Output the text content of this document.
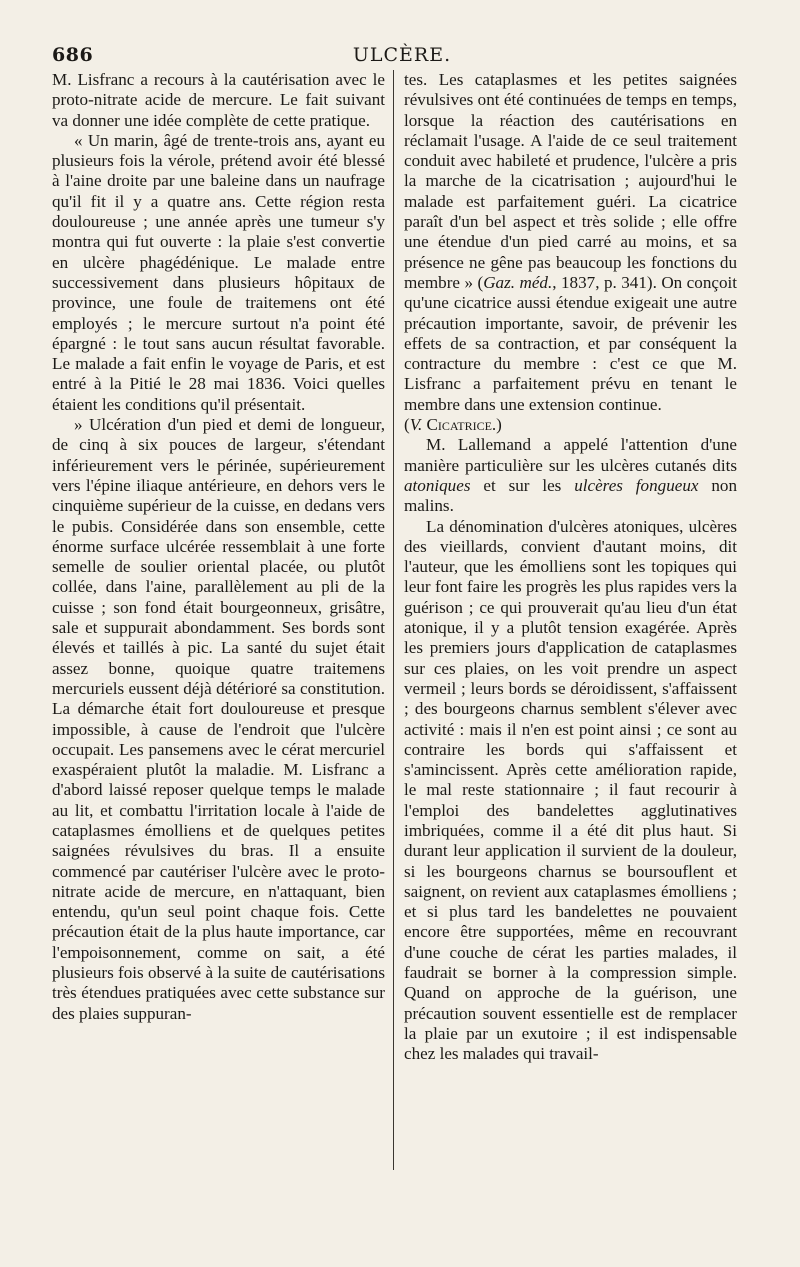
686	ULCÈRE.

M. Lisfranc a recours à la cautérisation avec le proto-nitrate acide de mercure. Le fait suivant va donner une idée complète de cette pratique.

« Un marin, âgé de trente-trois ans, ayant eu plusieurs fois la vérole, prétend avoir été blessé à l'aine droite par une baleine dans un naufrage qu'il fit il y a quatre ans. Cette région resta douloureuse ; une année après une tumeur s'y montra qui fut ouverte : la plaie s'est convertie en ulcère phagédénique. Le malade entre successivement dans plusieurs hôpitaux de province, une foule de traitemens ont été employés ; le mercure surtout n'a point été épargné : le tout sans aucun résultat favorable. Le malade a fait enfin le voyage de Paris, et est entré à la Pitié le 28 mai 1836. Voici quelles étaient les conditions qu'il présentait.

» Ulcération d'un pied et demi de longueur, de cinq à six pouces de largeur, s'étendant inférieurement vers le périnée, supérieurement vers l'épine iliaque antérieure, en dehors vers le cinquième supérieur de la cuisse, en dedans vers le pubis. Considérée dans son ensemble, cette énorme surface ulcérée ressemblait à une forte semelle de soulier oriental placée, ou plutôt collée, dans l'aine, parallèlement au pli de la cuisse ; son fond était bourgeonneux, grisâtre, sale et suppurait abondamment. Ses bords sont élevés et taillés à pic. La santé du sujet était assez bonne, quoique quatre traitemens mercuriels eussent déjà détérioré sa constitution. La démarche était fort douloureuse et presque impossible, à cause de l'endroit que l'ulcère occupait. Les pansemens avec le cérat mercuriel exaspéraient plutôt la maladie. M. Lisfranc a d'abord laissé reposer quelque temps le malade au lit, et combattu l'irritation locale à l'aide de cataplasmes émolliens et de quelques petites saignées révulsives du bras. Il a ensuite commencé par cautériser l'ulcère avec le proto-nitrate acide de mercure, en n'attaquant, bien entendu, qu'un seul point chaque fois. Cette précaution était de la plus haute importance, car l'empoisonnement, comme on sait, a été plusieurs fois observé à la suite de cautérisations très étendues pratiquées avec cette substance sur des plaies suppuran-

tes. Les cataplasmes et les petites saignées révulsives ont été continuées de temps en temps, lorsque la réaction des cautérisations en réclamait l'usage. A l'aide de ce seul traitement conduit avec habileté et prudence, l'ulcère a pris la marche de la cicatrisation ; aujourd'hui le malade est parfaitement guéri. La cicatrice paraît d'un bel aspect et très solide ; elle offre une étendue d'un pied carré au moins, et sa présence ne gêne pas beaucoup les fonctions du membre » (Gaz. méd., 1837, p. 341). On conçoit qu'une cicatrice aussi étendue exigeait une autre précaution importante, savoir, de prévenir les effets de sa contraction, et par conséquent la contracture du membre : c'est ce que M. Lisfranc a parfaitement prévu en tenant le membre dans une extension continue.

(V. Cicatrice.)

M. Lallemand a appelé l'attention d'une manière particulière sur les ulcères cutanés dits atoniques et sur les ulcères fongueux non malins.

La dénomination d'ulcères atoniques, ulcères des vieillards, convient d'autant moins, dit l'auteur, que les émolliens sont les topiques qui leur font faire les progrès les plus rapides vers la guérison ; ce qui prouverait qu'au lieu d'un état atonique, il y a plutôt tension exagérée. Après les premiers jours d'application de cataplasmes sur ces plaies, on les voit prendre un aspect vermeil ; leurs bords se déroidissent, s'affaissent ; des bourgeons charnus semblent s'élever avec activité : mais il n'en est point ainsi ; ce sont au contraire les bords qui s'affaissent et s'amincissent. Après cette amélioration rapide, le mal reste stationnaire ; il faut recourir à l'emploi des bandelettes agglutinatives imbriquées, comme il a été dit plus haut. Si durant leur application il survient de la douleur, si les bourgeons charnus se boursouflent et saignent, on revient aux cataplasmes émolliens ; et si plus tard les bandelettes ne pouvaient encore être supportées, même en recouvrant d'une couche de cérat les parties malades, il faudrait se borner à la compression simple. Quand on approche de la guérison, une précaution souvent essentielle est de remplacer la plaie par un exutoire ; il est indispensable chez les malades qui travail-
